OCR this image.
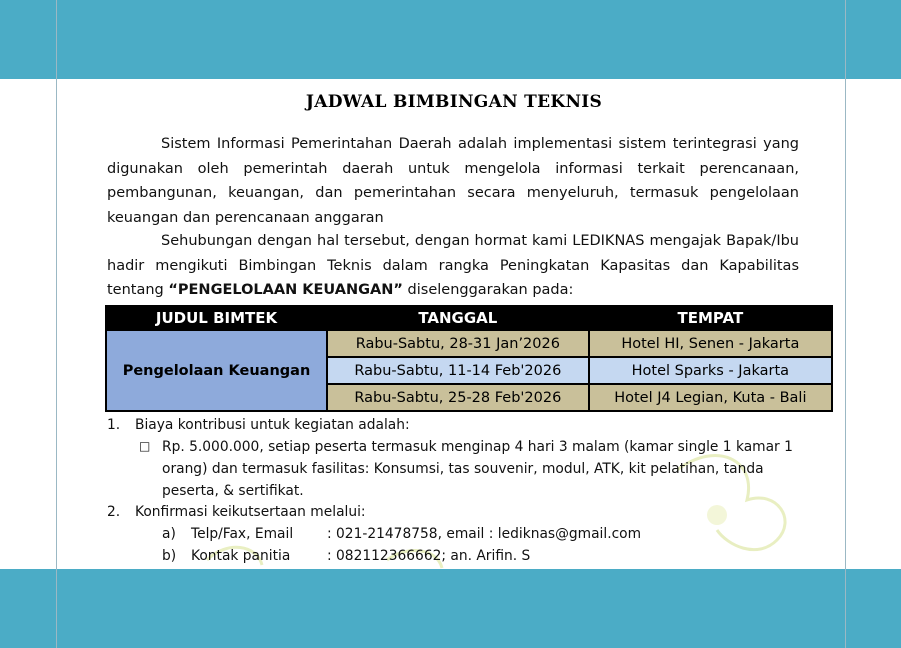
JADWAL BIMBINGAN TEKNIS

Sistem Informasi Pemerintahan Daerah adalah implementasi sistem terintegrasi yang digunakan oleh pemerintah daerah untuk mengelola informasi terkait perencanaan, pembangunan, keuangan, dan pemerintahan secara menyeluruh, termasuk pengelolaan keuangan dan perencanaan anggaran

Sehubungan dengan hal tersebut, dengan hormat kami LEDIKNAS mengajak Bapak/Ibu hadir mengikuti Bimbingan Teknis dalam rangka Peningkatan Kapasitas dan Kapabilitas tentang “PENGELOLAAN KEUANGAN” diselenggarakan pada:

JUDUL BIMTEK	TANGGAL	TEMPAT
Pengelolaan Keuangan	Rabu-Sabtu, 28-31 Jan’2026	Hotel HI, Senen - Jakarta
	Rabu-Sabtu, 11-14 Feb'2026	Hotel Sparks - Jakarta
	Rabu-Sabtu, 25-28 Feb'2026	Hotel J4 Legian, Kuta - Bali
1. Biaya kontribusi untuk kegiatan adalah:
□ Rp. 5.000.000, setiap peserta termasuk menginap 4 hari 3 malam (kamar single 1 kamar 1
orang) dan termasuk fasilitas: Konsumsi, tas souvenir, modul, ATK, kit pelatihan, tanda
peserta, & sertifikat.
2. Konfirmasi keikutsertaan melalui:
a) Telp/Fax, Email : 021-21478758, email : lediknas@gmail.com
b) Kontak panitia	: 082112366662; an. Arifin. S
